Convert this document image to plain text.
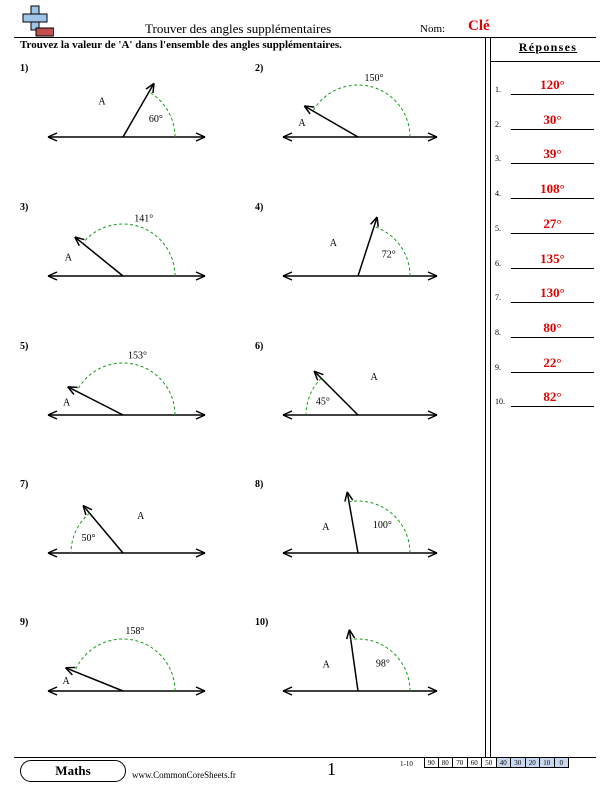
Trouver des angles supplémentaires	Nom: Clé
Trouvez la valeur de 'A' dans l'ensemble des angles supplémentaires.	Réponses
1.	120°
2.	30°
3.	39°
4.	108°
5.	27°
6.	135°
7.	130°
8.	80°
9.	22°
10.	82°
1)	2)
3)	4)
5)	6)
7)	8)
9)	10)
60°
A
150°
A
141°
A	72°
A
153°
A	45°
A
50°
A
100°
A
158°
A
98°
A
Maths	www.CommonCoreSheets.fr	1	1-10	90	80	70	60	50	40	30	20	10	0
